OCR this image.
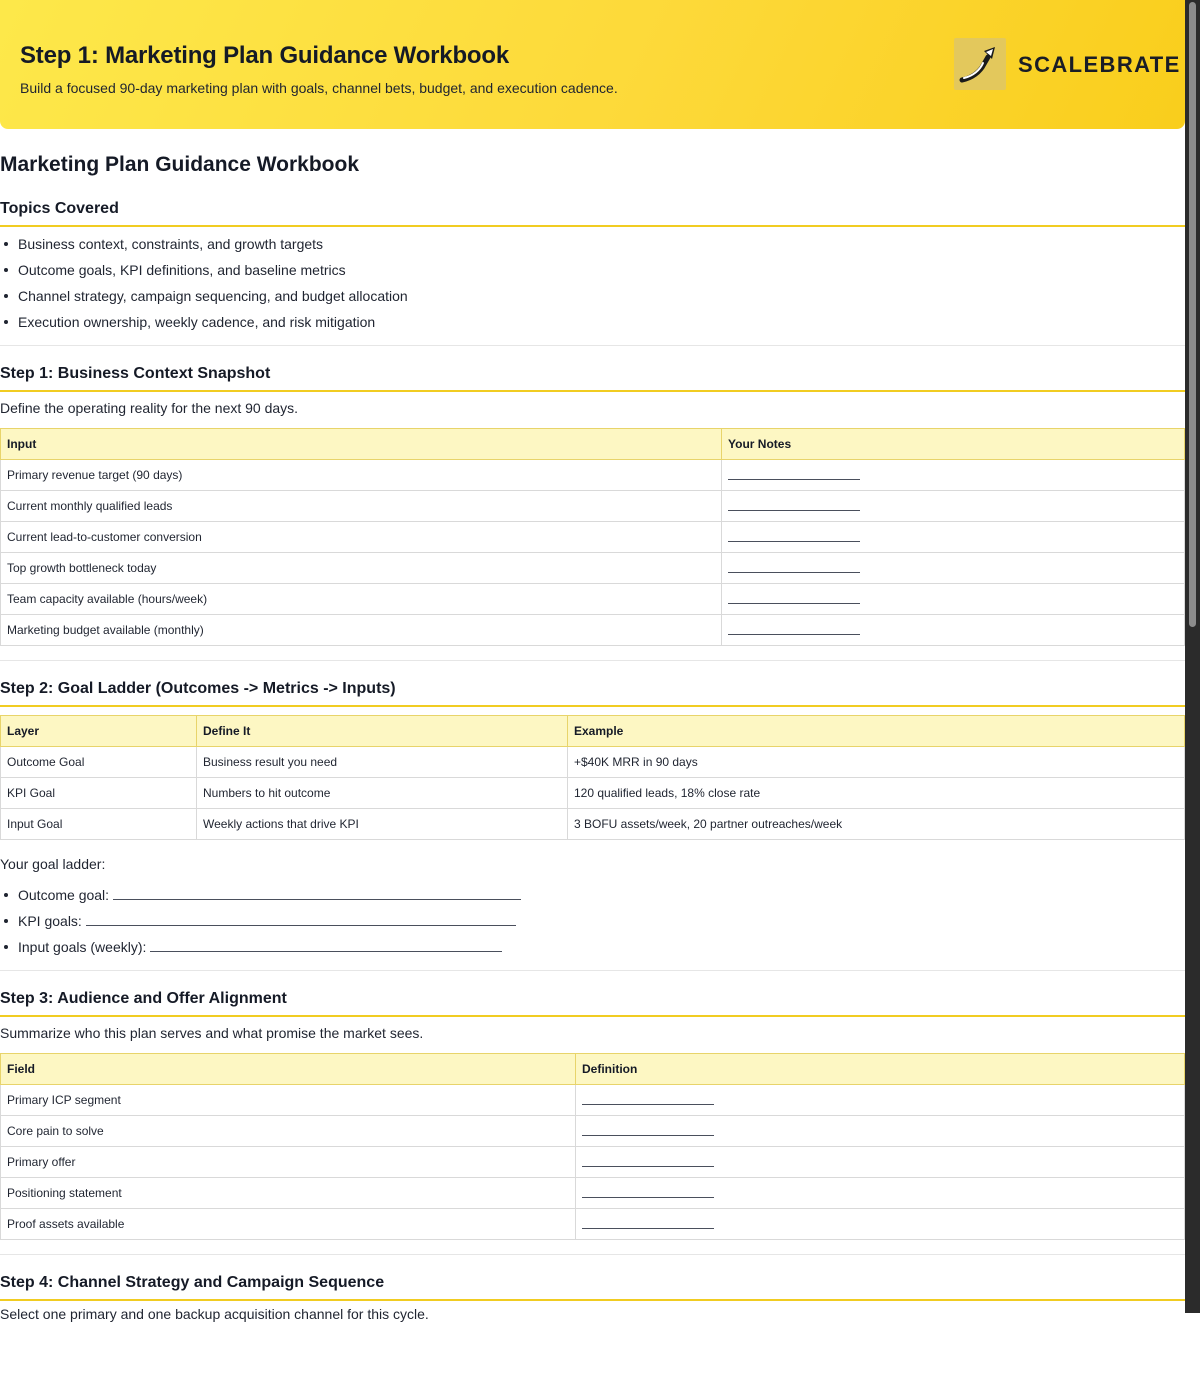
Step 1: Marketing Plan Guidance Workbook

Build a focused 90-day marketing plan with goals, channel bets, budget, and execution cadence.

SCALEBRATE
Marketing Plan Guidance Workbook
Topics Covered
Business context, constraints, and growth targets
Outcome goals, KPI definitions, and baseline metrics
Channel strategy, campaign sequencing, and budget allocation
Execution ownership, weekly cadence, and risk mitigation
Step 1: Business Context Snapshot

Define the operating reality for the next 90 days.

Input	Your Notes
Primary revenue target (90 days)	
Current monthly qualified leads	
Current lead-to-customer conversion	
Top growth bottleneck today	
Team capacity available (hours/week)	
Marketing budget available (monthly)	
Step 2: Goal Ladder (Outcomes -> Metrics -> Inputs)
Layer	Define It	Example
Outcome Goal	Business result you need	+$40K MRR in 90 days
KPI Goal	Numbers to hit outcome	120 qualified leads, 18% close rate
Input Goal	Weekly actions that drive KPI	3 BOFU assets/week, 20 partner outreaches/week

Your goal ladder:

Outcome goal:
KPI goals:
Input goals (weekly):
Step 3: Audience and Offer Alignment

Summarize who this plan serves and what promise the market sees.

Field	Definition
Primary ICP segment	
Core pain to solve	
Primary offer	
Positioning statement	
Proof assets available	
Step 4: Channel Strategy and Campaign Sequence

Select one primary and one backup acquisition channel for this cycle.
